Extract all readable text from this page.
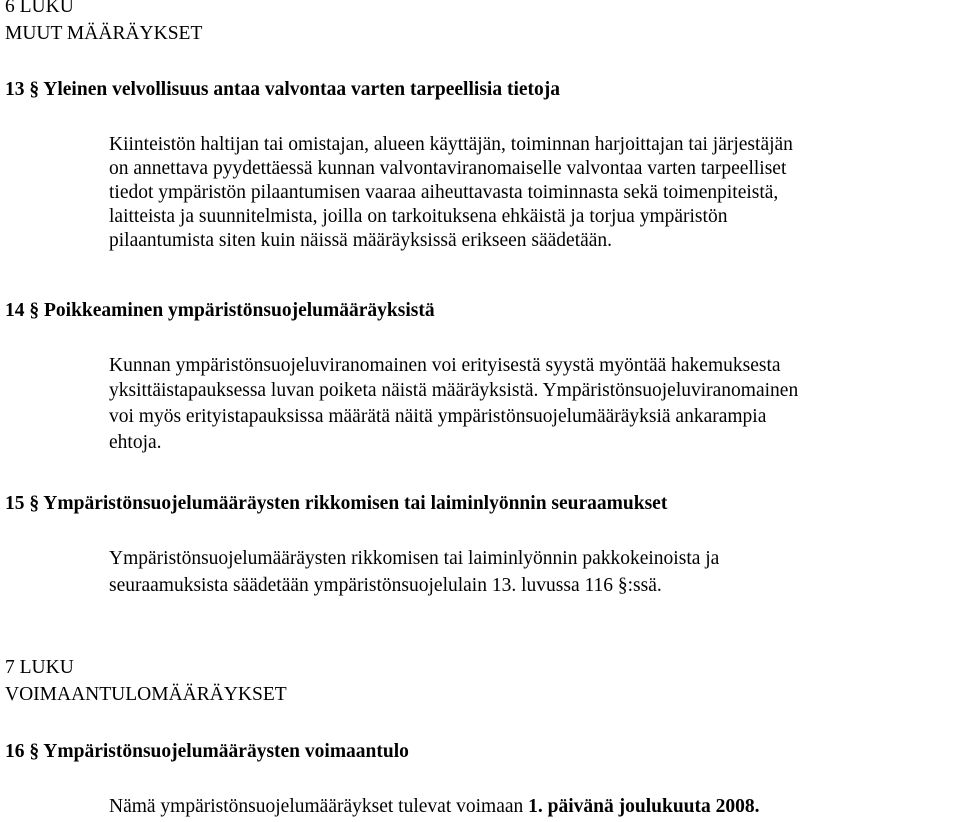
6 LUKU
MUUT MÄÄRÄYKSET
13 § Yleinen velvollisuus antaa valvontaa varten tarpeellisia tietoja
Kiinteistön haltijan tai omistajan, alueen käyttäjän, toiminnan harjoittajan tai järjestäjän
on annettava pyydettäessä kunnan valvontaviranomaiselle valvontaa varten tarpeelliset
tiedot ympäristön pilaantumisen vaaraa aiheuttavasta toiminnasta sekä toimenpiteistä,
laitteista ja suunnitelmista, joilla on tarkoituksena ehkäistä ja torjua ympäristön
pilaantumista siten kuin näissä määräyksissä erikseen säädetään.
14 § Poikkeaminen ympäristönsuojelumääräyksistä
Kunnan ympäristönsuojeluviranomainen voi erityisestä syystä myöntää hakemuksesta
yksittäistapauksessa luvan poiketa näistä määräyksistä. Ympäristönsuojeluviranomainen
voi myös erityistapauksissa määrätä näitä ympäristönsuojelumääräyksiä ankarampia
ehtoja.
15 § Ympäristönsuojelumääräysten rikkomisen tai laiminlyönnin seuraamukset
Ympäristönsuojelumääräysten rikkomisen tai laiminlyönnin pakkokeinoista ja
seuraamuksista säädetään ympäristönsuojelulain 13. luvussa 116 §:ssä.
7 LUKU
VOIMAANTULOMÄÄRÄYKSET
16 § Ympäristönsuojelumääräysten voimaantulo
Nämä ympäristönsuojelumääräykset tulevat voimaan 1. päivänä joulukuuta 2008.
